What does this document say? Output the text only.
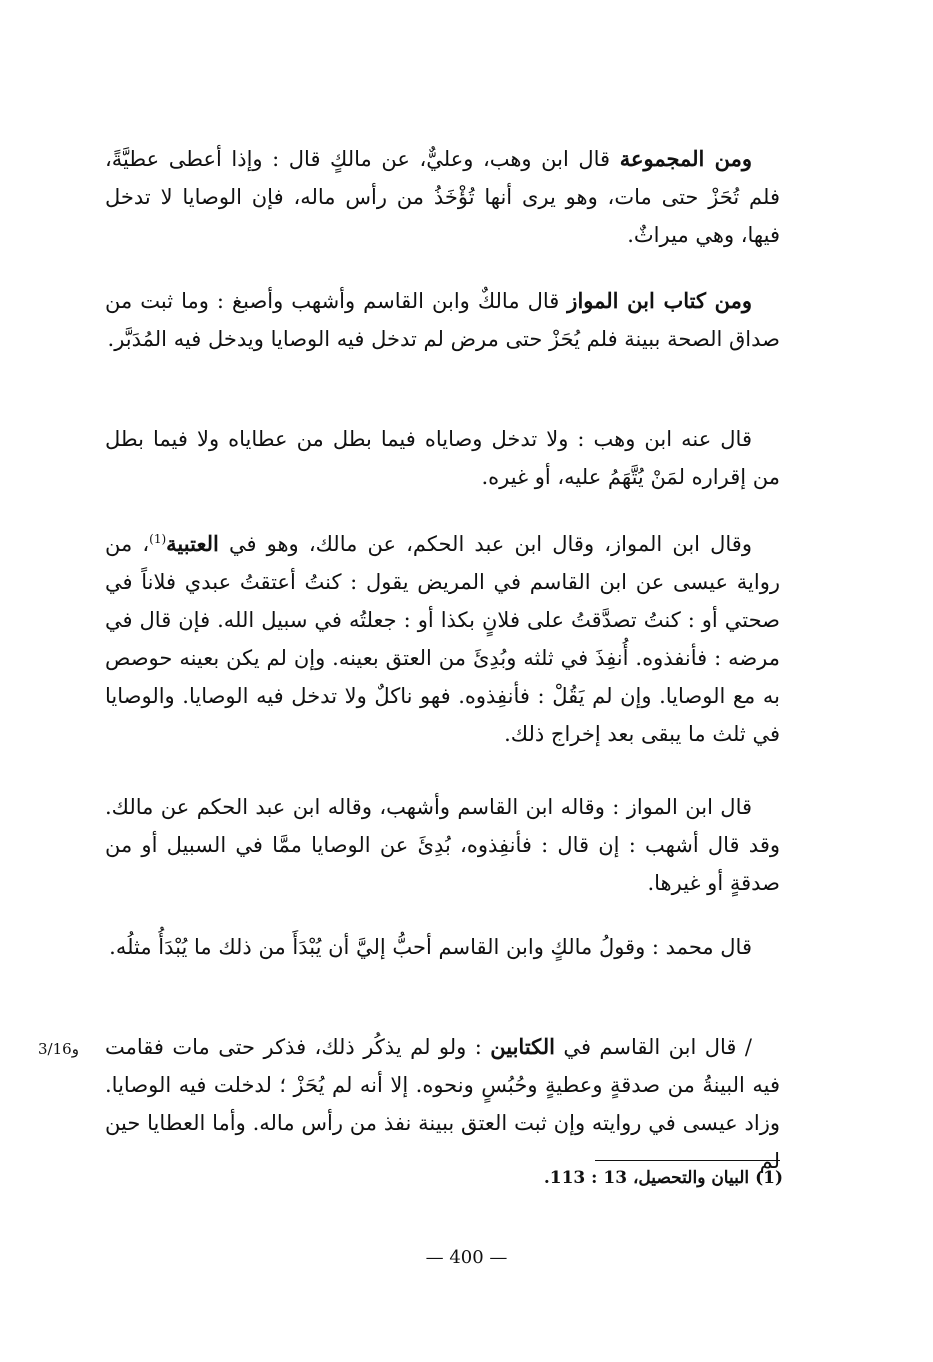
ومن المجموعة قال ابن وهب، وعليٌّ، عن مالكٍ قال : وإذا أعطى عطيَّةً، فلم تُحَزْ حتى مات، وهو يرى أنها تُؤْخَذُ من رأس ماله، فإن الوصايا لا تدخل فيها، وهي ميراثٌ.

ومن كتاب ابن المواز قال مالكٌ وابن القاسم وأشهب وأصبغ : وما ثبت من صداق الصحة ببينة فلم يُحَزْ حتى مرض لم تدخل فيه الوصايا ويدخل فيه المُدَبَّر.

قال عنه ابن وهب : ولا تدخل وصاياه فيما بطل من عطاياه ولا فيما بطل من إقراره لمَنْ يُتَّهَمُ عليه، أو غيره.

وقال ابن المواز، وقال ابن عبد الحكم، عن مالك، وهو في العتبية$^{(1)}$، من رواية عيسى عن ابن القاسم في المريض يقول : كنتُ أعتقتُ عبدي فلاناً في صحتي أو : كنتُ تصدَّقتُ على فلانٍ بكذا أو : جعلتُه في سبيل الله. فإن قال في مرضه : فأنفذوه. أُنفِذَ في ثلثه وبُدِئَ من العتق بعينه. وإن لم يكن بعينه حوصص به مع الوصايا. وإن لم يَقُلْ : فأنفِذوه. فهو ناكلٌ ولا تدخل فيه الوصايا. والوصايا في ثلث ما يبقى بعد إخراج ذلك.

قال ابن المواز : وقاله ابن القاسم وأشهب، وقاله ابن عبد الحكم عن مالك. وقد قال أشهب : إن قال : فأنفِذوه، بُدِئَ عن الوصايا ممَّا في السبيل أو من صدقةٍ أو غيرها.

قال محمد : وقولُ مالكٍ وابن القاسم أحبُّ إليَّ أن يُبْدَأَ من ذلك ما يُبْدَأُ مثلُه.

/ قال ابن القاسم في الكتابين : ولو لم يذكُر ذلك، فذكر حتى مات فقامت فيه البينةُ من صدقةٍ وعطيةٍ وحُبُسٍ ونحوه. إلا أنه لم يُحَزْ ؛ لدخلت فيه الوصايا. وزاد عيسى في روايته وإن ثبت العتق ببينة نفذ من رأس ماله. وأما العطايا حين لم

3/16و
(1) البيان والتحصيل، 13 : 113.
— 400 —
